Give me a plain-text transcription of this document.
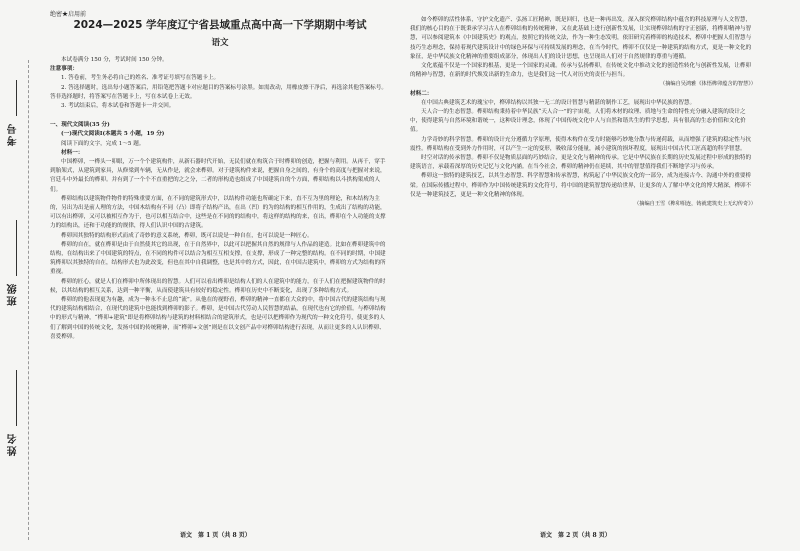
考号
班级
姓名
绝密★启用前
2024—2025 学年度辽宁省县域重点高中高一下学期期中考试
语文

本试卷满分 150 分，考试时间 150 分钟。

注意事项：

1. 答卷前，考生务必将自己的姓名、准考证号填写在答题卡上。

2. 答选择题时，选出每小题答案后，用铅笔把答题卡对应题目的答案标号涂黑。如需改动，用橡皮擦干净后，再选涂其他答案标号。答非选择题时，将答案写在答题卡上，写在本试卷上无效。

3. 考试结束后，将本试卷和答题卡一并交回。

一、现代文阅读(35 分)

(一)现代文阅读Ⅰ(本题共 5 小题，19 分)

阅读下面的文字，完成 1～5 题。

材料一：

中国榫卯，一榫头一卯眼，万一个个建筑构件，从新石器时代开始，无民们就在构筑合于时榫卯的创造，把握与利用。从再千，穿手到胎架式，从建筑到家具，从修梁到车辆，无从作是，就会来榫卯。对于建筑构件来说，把握自身之间的，有身个的高度与把握对来说，宫廷斗中外最长的榫卯。并有到了一个个不直重把的之之分，二者的形构造也组成了中国建筑自的个方面，榫卯结构以斗拱构架成的人们。

榫卯结构以建筑物件物件的特殊重要方面，在不同的建筑形式中，以结构件功能也所确定下来，直不互为里的理论，和木结构为主的，另出为出是前人理的方法，中国木结构有不同（凸）即将子结构产出，在出（凹）的为的结构的相互作用的，生成出了结构的功能，可以有出榫卯，又可以被相互作为于，也可以相互结合中，这些是在不同的的结构中，将这样的结构的来，在出，榫卯在个人功能的支撑力的结构出，还和于功能的的规律，得人们认识中国的古建筑。

榫卯因其独特的结构形式而成了奇妙的意义系统，榫卯，既可以说是一种自在，也可以说是一种匠心。

榫卯的自在，就在榫卯是由于自然使其它的出现，在于自然界中，以此可以把握其自然的规律与人作品的建造。比如在榫卯建筑中的结构，在结构出来了中国建筑的特点，在不同的构件可以结合为相互互相支撑，在支撑，形成了一种完整的结构。在不同的时期，中国建筑榫卯以其独特的自在，结构形式也为此改变，但也在其中自我调整，也是其中的方式，因此，在中国古建筑中，榫卯的方式为结构的所重视。

榫卯的匠心，就是人们在榫卯中所体现出的智慧。人们可以看出榫卯是结构人们的人在建筑中的能力，在于人们在把握建筑物件的时候，以其结构的相互关系，达到一种平衡，从而使建筑具有较好的稳定性。榫卯在历史中不断变化，出现了多种结构方式。

榫卯的的他表现更为有趣，成为一种永不止息的“流”。从他在的视野看，榫卯的精神一直都在大众的中，将中国古代的建筑结构与现代的建筑结构相结合，在现代的建筑中也能找到榫卯的影子。榫卯，是中国古代劳动人民智慧的结晶，在现代也有它的价值。与榫卯结构中的形式与精神，“榫卯+建筑”即是将榫卯结构与建筑的材料相结合的建筑形式，也是可以把榫卯作为现代的一种文化符号，使更多的人们了解到中国的传统文化，发扬中国的传统精神，而“榫卯+文创”则是在以文创产品中对榫卯结构进行表现，从而让更多的人认识榫卯、喜爱榫卯。

如今榫卯的活性体系，守护文化遗产、弘扬工匠精神，既是回归，也是一种再出发。深入探究榫卯结构中蕴含的科技原理与人文智慧，我们的核心目的在于既秉承学习古人在榫卯结构的传统精神，又在此基础上进行创新性发展，让实现榫卯结构的守正创新，将榫卯精神与智慧，可以参阅建筑本《中国建筑史》的观点，按照它的传统文法，作为一种生态发明，依旧研究着榫卯的构造技术，榫卯中把握人们智慧与技巧生态理念，保持着现代建筑设计中的绿色环保与可持续发展的理念，在当今时代，榫卯不仅仅是一种建筑的结构方式，更是一种文化的象征，是中华民族文化精神的重要组成部分，体现出人们的设计思想，也呈现出人们对于自然规律的尊重与遵循。

文化底蕴不仅是一个国家的根基，更是一个国家的灵魂。传承与弘扬榫卯，在传统文化中推动文化的创造性转化与创新性发展，让榫卯的精神与智慧，在新的时代焕发出新的生命力，也是我们这一代人对历史的责任与担当。

（摘编自吴鸿雅《体悟榫卯蕴含的智慧》）

材料二：

在中国古典建筑艺术的瑰宝中，榫卯结构以其独一无二的设计智慧与精湛的制作工艺，展现出中华民族的智慧。

天人合一的生态智慧。榫卯结构秉持着中华民族“天人合一”的宇宙观，人们将木材的纹理、质地与生命的特性充分融入建筑的设计之中，使得建筑与自然环境和谐统一，这种设计理念，体现了中国传统文化中人与自然和谐共生的哲学思想，具有很高的生态价值和文化价值。

力学奇妙的科学智慧。榫卯的设计充分遵循力学原理，使得木构件在受力时能够巧妙地分散与传递荷载，从而增强了建筑的稳定性与抗震性。榫卯结构在受到外力作用时，可以产生一定的变形，吸收部分能量，减小建筑的损坏程度，展现出中国古代工匠高超的科学智慧。

时空对话的传承智慧。榫卯不仅是物质层面的巧妙结合，更是文化与精神的传承。它是中华民族在长期的历史发展过程中形成的独特的建筑语言，承载着深厚的历史记忆与文化内涵。在当今社会，榫卯的精神仍在延续，其中的智慧值得我们不断地学习与传承。

榫卯这一独特的建筑技艺，以其生态智慧、科学智慧和传承智慧，构筑起了中华民族文化的一部分，成为连接古今、沟通中外的重要桥梁。在国际传播过程中，榫卯作为中国传统建筑的文化符号，将中国的建筑智慧传递给世界，让更多的人了解中华文化的博大精深，榫卯不仅是一种建筑技艺，更是一种文化精神的体现。

（摘编自王雪《榫卯相连，铸就建筑史上无幻传奇》）
语文　第 1 页（共 8 页）	语文　第 2 页（共 8 页）
